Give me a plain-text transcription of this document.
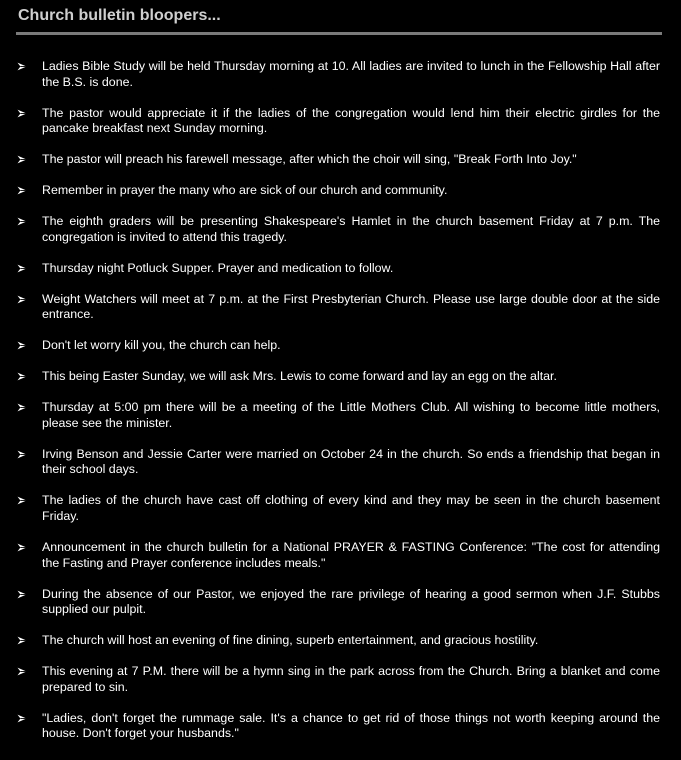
Church bulletin bloopers...
Ladies Bible Study will be held Thursday morning at 10. All ladies are invited to lunch in the Fellowship Hall after the B.S. is done.
The pastor would appreciate it if the ladies of the congregation would lend him their electric girdles for the pancake breakfast next Sunday morning.
The pastor will preach his farewell message, after which the choir will sing, "Break Forth Into Joy."
Remember in prayer the many who are sick of our church and community.
The eighth graders will be presenting Shakespeare's Hamlet in the church basement Friday at 7 p.m. The congregation is invited to attend this tragedy.
Thursday night Potluck Supper. Prayer and medication to follow.
Weight Watchers will meet at 7 p.m. at the First Presbyterian Church. Please use large double door at the side entrance.
Don't let worry kill you, the church can help.
This being Easter Sunday, we will ask Mrs. Lewis to come forward and lay an egg on the altar.
Thursday at 5:00 pm there will be a meeting of the Little Mothers Club. All wishing to become little mothers, please see the minister.
Irving Benson and Jessie Carter were married on October 24 in the church. So ends a friendship that began in their school days.
The ladies of the church have cast off clothing of every kind and they may be seen in the church basement Friday.
Announcement in the church bulletin for a National PRAYER & FASTING Conference: "The cost for attending the Fasting and Prayer conference includes meals."
During the absence of our Pastor, we enjoyed the rare privilege of hearing a good sermon when J.F. Stubbs supplied our pulpit.
The church will host an evening of fine dining, superb entertainment, and gracious hostility.
This evening at 7 P.M. there will be a hymn sing in the park across from the Church. Bring a blanket and come prepared to sin.
"Ladies, don't forget the rummage sale. It's a chance to get rid of those things not worth keeping around the house. Don't forget your husbands."
